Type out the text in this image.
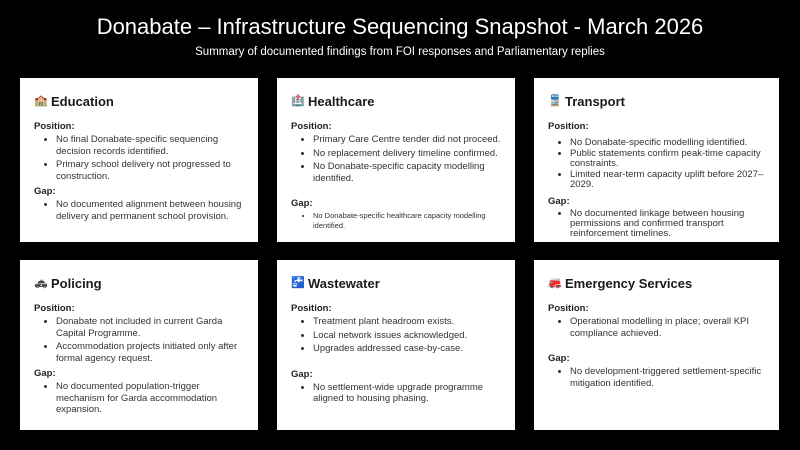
Donabate – Infrastructure Sequencing Snapshot - March 2026
Summary of documented findings from FOI responses and Parliamentary replies
🏫 Education
Position:
• No final Donabate-specific sequencing decision records identified.
• Primary school delivery not progressed to construction.
Gap:
• No documented alignment between housing delivery and permanent school provision.
🏥 Healthcare
Position:
• Primary Care Centre tender did not proceed.
• No replacement delivery timeline confirmed.
• No Donabate-specific capacity modelling identified.
Gap:
• No Donabate-specific healthcare capacity modelling identified.
🚆 Transport
Position:
• No Donabate-specific modelling identified.
• Public statements confirm peak-time capacity constraints.
• Limited near-term capacity uplift before 2027–2029.
Gap:
• No documented linkage between housing permissions and confirmed transport reinforcement timelines.
🚓 Policing
Position:
• Donabate not included in current Garda Capital Programme.
• Accommodation projects initiated only after formal agency request.
Gap:
• No documented population-trigger mechanism for Garda accommodation expansion.
🚰 Wastewater
Position:
• Treatment plant headroom exists.
• Local network issues acknowledged.
• Upgrades addressed case-by-case.
Gap:
• No settlement-wide upgrade programme aligned to housing phasing.
🚒 Emergency Services
Position:
• Operational modelling in place; overall KPI compliance achieved.
Gap:
• No development-triggered settlement-specific mitigation identified.
